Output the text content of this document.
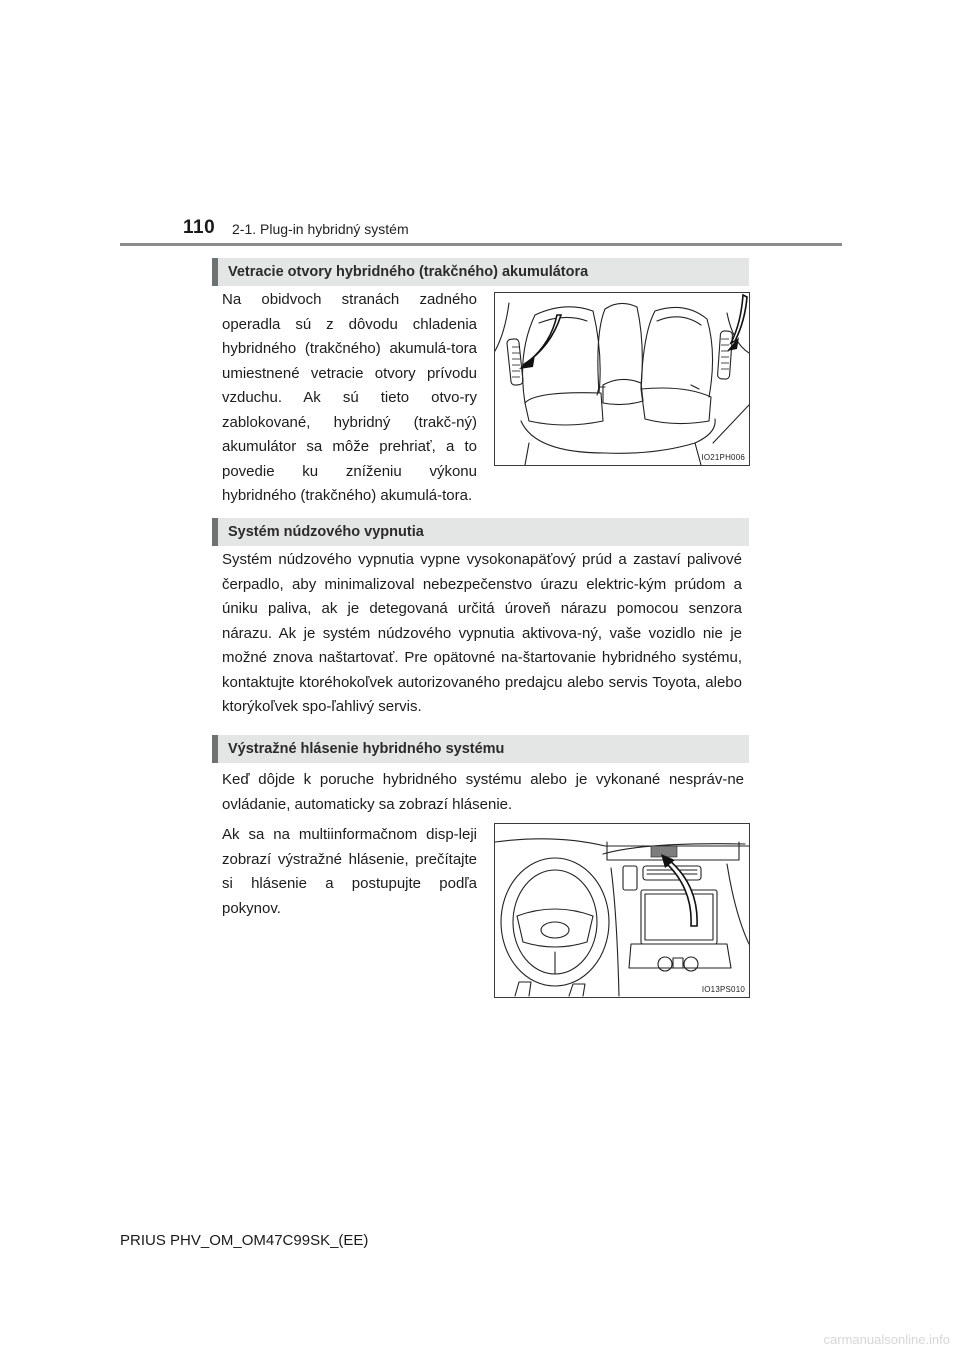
110 2-1. Plug-in hybridný systém
Vetracie otvory hybridného (trakčného) akumulátora

Na obidvoch stranách zadného operadla sú z dôvodu chladenia hybridného (trakčného) akumulá-tora umiestnené vetracie otvory prívodu vzduchu. Ak sú tieto otvo-ry zablokované, hybridný (trakč-ný) akumulátor sa môže prehriať, a to povedie ku zníženiu výkonu hybridného (trakčného) akumulá-tora.

IO21PH006
Systém núdzového vypnutia

Systém núdzového vypnutia vypne vysokonapäťový prúd a zastaví palivové čerpadlo, aby minimalizoval nebezpečenstvo úrazu elektric-kým prúdom a úniku paliva, ak je detegovaná určitá úroveň nárazu pomocou senzora nárazu. Ak je systém núdzového vypnutia aktivova-ný, vaše vozidlo nie je možné znova naštartovať. Pre opätovné na-štartovanie hybridného systému, kontaktujte ktoréhokoľvek autorizovaného predajcu alebo servis Toyota, alebo ktorýkoľvek spo-ľahlivý servis.

Výstražné hlásenie hybridného systému

Keď dôjde k poruche hybridného systému alebo je vykonané nespráv-ne ovládanie, automaticky sa zobrazí hlásenie.

Ak sa na multiinformačnom disp-leji zobrazí výstražné hlásenie, prečítajte si hlásenie a postupujte podľa pokynov.

IO13PS010
PRIUS PHV_OM_OM47C99SK_(EE)
carmanualsonline.info
